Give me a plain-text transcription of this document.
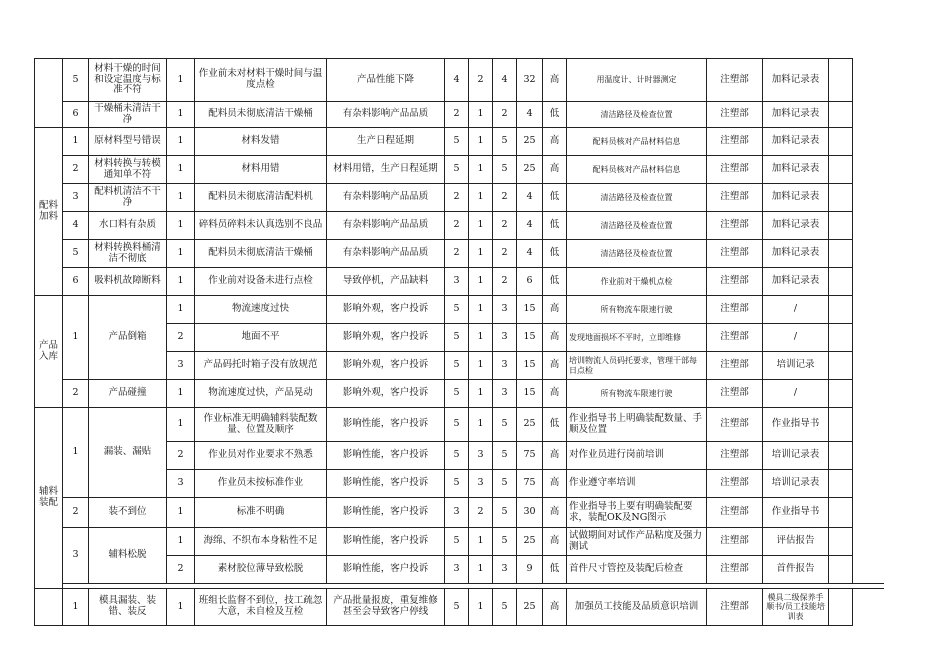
	5	材料干燥的时间和设定温度与标准不符	1	作业前未对材料干燥时间与温度点检	产品性能下降	4	2	4	32	高	用温度计、计时器测定	注塑部	加料记录表	
	6	干燥桶未清洁干净	1	配料员未彻底清洁干燥桶	有杂料影响产品品质	2	1	2	4	低	清洁路径及检查位置	注塑部	加料记录表	
配料加料	1	原材料型号错误	1	材料发错	生产日程延期	5	1	5	25	高	配料员核对产品材料信息	注塑部	加料记录表	
	2	材料转换与转模通知单不符	1	材料用错	材料用错，生产日程延期	5	1	5	25	高	配料员核对产品材料信息	注塑部	加料记录表	
	3	配料机清洁不干净	1	配料员未彻底清洁配料机	有杂料影响产品品质	2	1	2	4	低	清洁路径及检查位置	注塑部	加料记录表	
	4	水口料有杂质	1	碎料员碎料未认真选别不良品	有杂料影响产品品质	2	1	2	4	低	清洁路径及检查位置	注塑部	加料记录表	
	5	材料转换料桶清洁不彻底	1	配料员未彻底清洁干燥桶	有杂料影响产品品质	2	1	2	4	低	清洁路径及检查位置	注塑部	加料记录表	
	6	吸料机故障断料	1	作业前对设备未进行点检	导致停机，产品缺料	3	1	2	6	低	作业前对干燥机点检	注塑部	加料记录表	
产品入库	1	产品倒箱	1	物流速度过快	影响外观，客户投诉	5	1	3	15	高	所有物流车限速行驶	注塑部	/	
			2	地面不平	影响外观，客户投诉	5	1	3	15	高	发现地面损坏不平时，立即维修	注塑部	/	
			3	产品码托时箱子没有放规范	影响外观，客户投诉	5	1	3	15	高	培训物流人员码托要求，管理干部每日点检	注塑部	培训记录	
	2	产品碰撞	1	物流速度过快，产品晃动	影响外观，客户投诉	5	1	3	15	高	所有物流车限速行驶	注塑部	/	
辅料装配	1	漏装、漏贴	1	作业标准无明确辅料装配数量、位置及顺序	影响性能，客户投诉	5	1	5	25	低	作业指导书上明确装配数量、手顺及位置	注塑部	作业指导书	
			2	作业员对作业要求不熟悉	影响性能，客户投诉	5	3	5	75	高	对作业员进行岗前培训	注塑部	培训记录表	
			3	作业员未按标准作业	影响性能，客户投诉	5	3	5	75	高	作业遵守率培训	注塑部	培训记录表	
	2	装不到位	1	标准不明确	影响性能，客户投诉	3	2	5	30	高	作业指导书上要有明确装配要求，装配OK及NG图示	注塑部	作业指导书	
	3	辅料松脱	1	海绵、不织布本身粘性不足	影响性能，客户投诉	5	1	5	25	高	试做期间对试作产品粘度及强力测试	注塑部	评估报告	
			2	素材胶位薄导致松脱	影响性能，客户投诉	3	1	3	9	低	首件尺寸管控及装配后检查	注塑部	首件报告	

	1	模具漏装、装错、装反	1	班组长监督不到位，技工疏忽大意，未自检及互检	产品批量报废，重复维修甚至会导致客户停线	5	1	5	25	高	加强员工技能及品质意识培训	注塑部	模具二级保养手顺书/员工技能培训表	
